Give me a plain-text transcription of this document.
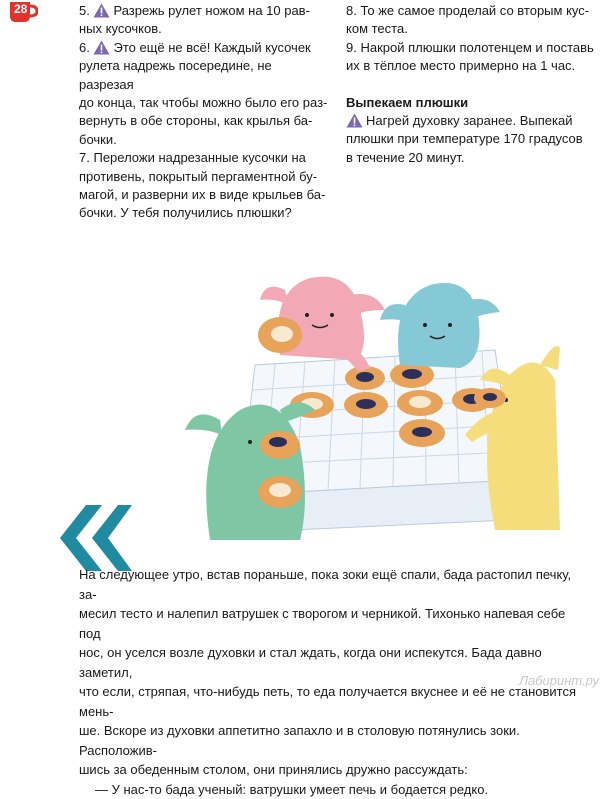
28	5. Разрежь рулет ножом на 10 рав-
ных кусочков.

6. Это ещё не всё! Каждый кусочек
рулета надрежь посередине, не разрезая
до конца, так чтобы можно было его раз-
вернуть в обе стороны, как крылья ба-
бочки.

7. Переложи надрезанные кусочки на
противень, покрытый пергаментной бу-
магой, и разверни их в виде крыльев ба-
бочки. У тебя получились плюшки?

8. То же самое проделай со вторым кус-
ком теста.

9. Накрой плюшки полотенцем и поставь
их в тёплое место примерно на 1 час.

Выпекаем плюшки

Нагрей духовку заранее. Выпекай
плюшки при температуре 170 градусов
в течение 20 минут.

На следующее утро, встав пораньше, пока зоки ещё спали, бада растопил печку, за-
месил тесто и налепил ватрушек с творогом и черникой. Тихонько напевая себе под
нос, он уселся возле духовки и стал ждать, когда они испекутся. Бада давно заметил,
что если, стряпая, что-нибудь петь, то еда получается вкуснее и её не становится мень-
ше. Вскоре из духовки аппетитно запахло и в столовую потянулись зоки. Расположив-
шись за обеденным столом, они принялись дружно рассуждать:

— У нас-то бада ученый: ватрушки умеет печь и бодается редко.

Лабиринт.ру
